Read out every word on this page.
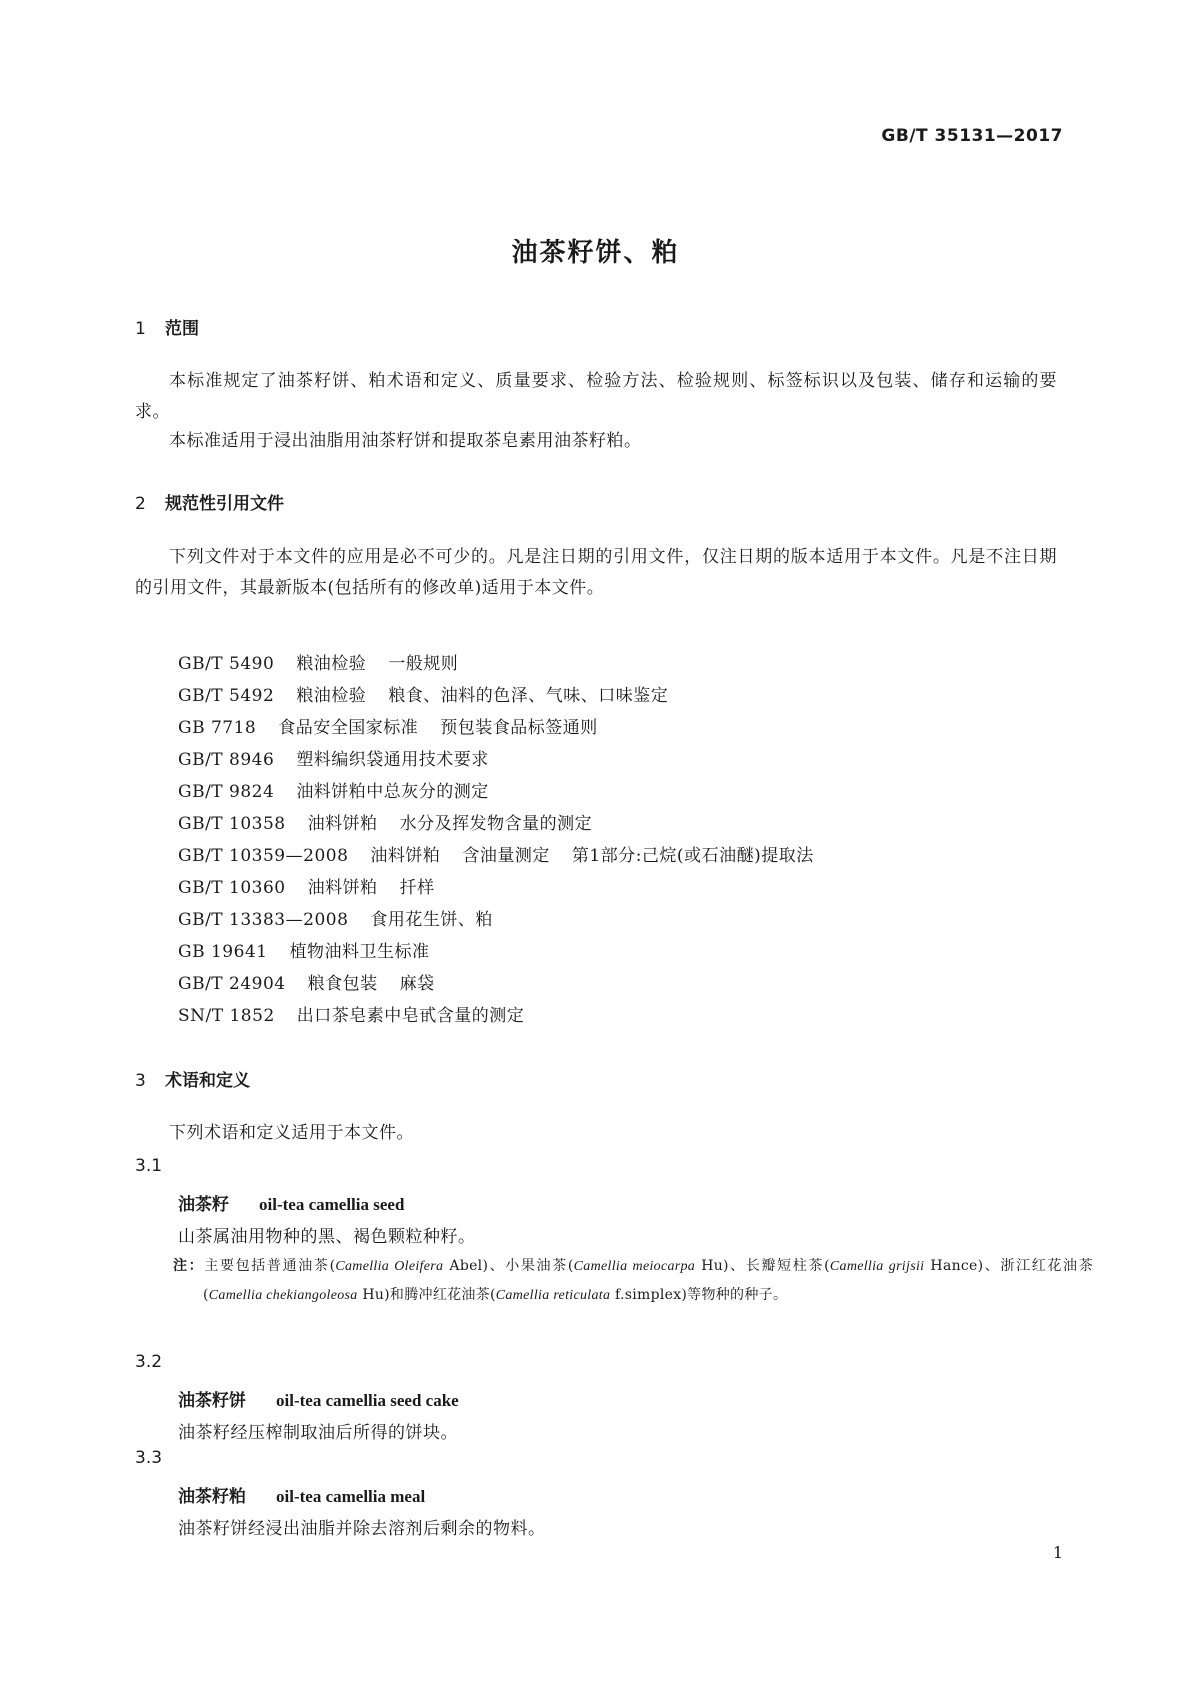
GB/T 35131—2017
油茶籽饼、粕
1 范围
本标准规定了油茶籽饼、粕术语和定义、质量要求、检验方法、检验规则、标签标识以及包装、储存和运输的要求。
本标准适用于浸出油脂用油茶籽饼和提取茶皂素用油茶籽粕。
2 规范性引用文件
下列文件对于本文件的应用是必不可少的。凡是注日期的引用文件，仅注日期的版本适用于本文件。凡是不注日期的引用文件，其最新版本(包括所有的修改单)适用于本文件。
GB/T 5490 粮油检验 一般规则
GB/T 5492 粮油检验 粮食、油料的色泽、气味、口味鉴定
GB 7718 食品安全国家标准 预包装食品标签通则
GB/T 8946 塑料编织袋通用技术要求
GB/T 9824 油料饼粕中总灰分的测定
GB/T 10358 油料饼粕 水分及挥发物含量的测定
GB/T 10359—2008 油料饼粕 含油量测定 第1部分:己烷(或石油醚)提取法
GB/T 10360 油料饼粕 扦样
GB/T 13383—2008 食用花生饼、粕
GB 19641 植物油料卫生标准
GB/T 24904 粮食包装 麻袋
SN/T 1852 出口茶皂素中皂甙含量的测定
3 术语和定义
下列术语和定义适用于本文件。
3.1
油茶籽 oil-tea camellia seed
山茶属油用物种的黑、褐色颗粒种籽。
注：主要包括普通油茶(Camellia Oleifera Abel)、小果油茶(Camellia meiocarpa Hu)、长瓣短柱茶(Camellia grijsii Hance)、浙江红花油茶(Camellia chekiangoleosa Hu)和腾冲红花油茶(Camellia reticulata f.simplex)等物种的种子。
3.2
油茶籽饼 oil-tea camellia seed cake
油茶籽经压榨制取油后所得的饼块。
3.3
油茶籽粕 oil-tea camellia meal
油茶籽饼经浸出油脂并除去溶剂后剩余的物料。
1
